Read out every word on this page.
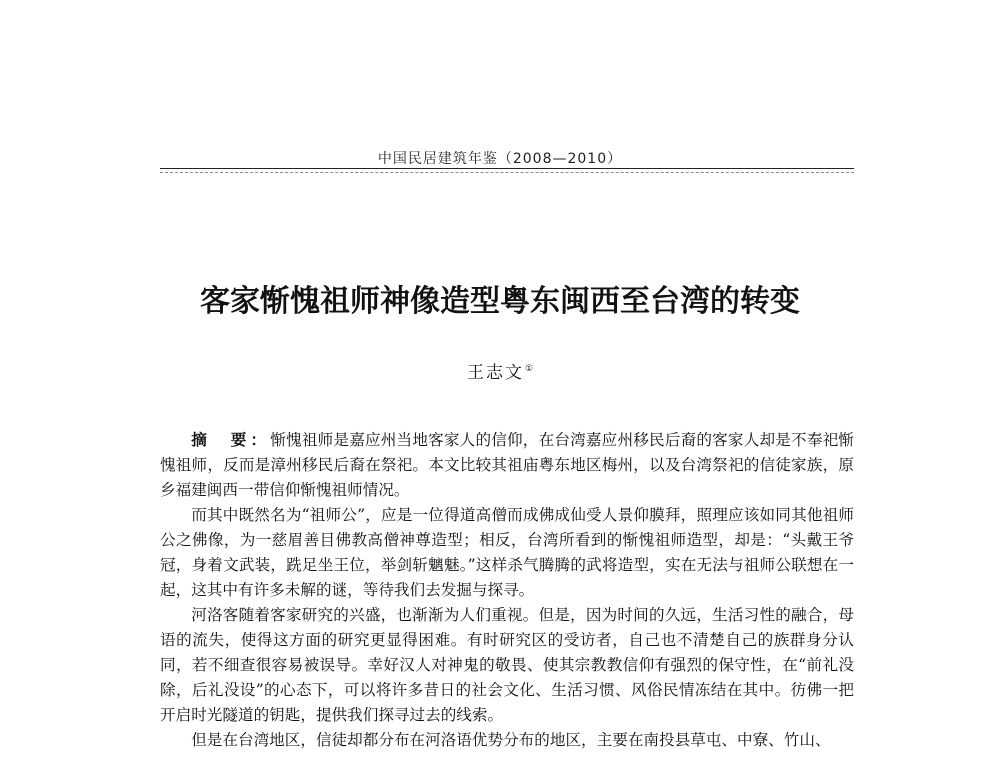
中国民居建筑年鉴（2008—2010）
客家惭愧祖师神像造型粤东闽西至台湾的转变
王志文①

摘　要：惭愧祖师是嘉应州当地客家人的信仰，在台湾嘉应州移民后裔的客家人却是不奉祀惭愧祖师，反而是漳州移民后裔在祭祀。本文比较其祖庙粤东地区梅州，以及台湾祭祀的信徒家族，原乡福建闽西一带信仰惭愧祖师情况。

而其中既然名为“祖师公”，应是一位得道高僧而成佛成仙受人景仰膜拜，照理应该如同其他祖师公之佛像，为一慈眉善目佛教高僧神尊造型；相反，台湾所看到的惭愧祖师造型，却是：“头戴王爷冠，身着文武装，跣足坐王位，举剑斩魑魅。”这样杀气腾腾的武将造型，实在无法与祖师公联想在一起，这其中有许多未解的谜，等待我们去发掘与探寻。

河洛客随着客家研究的兴盛，也渐渐为人们重视。但是，因为时间的久远，生活习性的融合，母语的流失，使得这方面的研究更显得困难。有时研究区的受访者，自己也不清楚自己的族群身分认同，若不细查很容易被误导。幸好汉人对神鬼的敬畏、使其宗教教信仰有强烈的保守性，在“前礼没除，后礼没设”的心态下，可以将许多昔日的社会文化、生活习惯、风俗民情冻结在其中。彷佛一把开启时光隧道的钥匙，提供我们探寻过去的线索。

但是在台湾地区，信徒却都分布在河洛语优势分布的地区，主要在南投县草屯、中寮、竹山、
